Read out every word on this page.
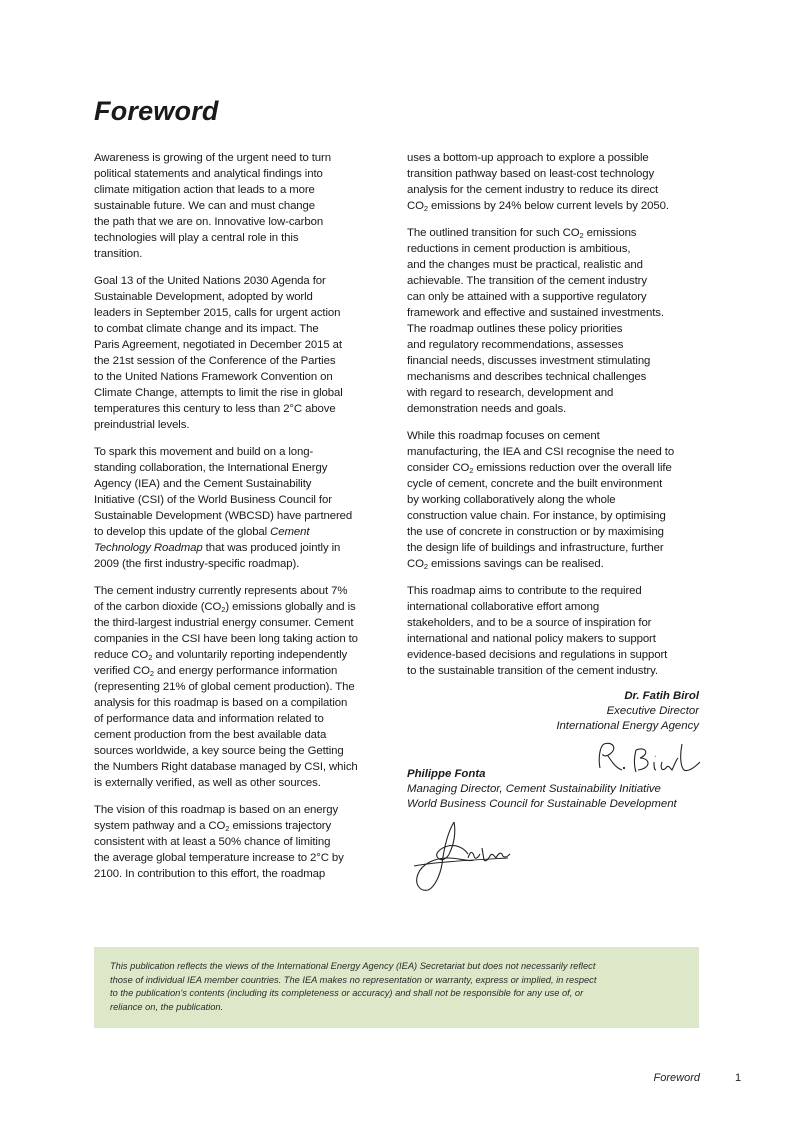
Foreword

Awareness is growing of the urgent need to turn
political statements and analytical findings into
climate mitigation action that leads to a more
sustainable future. We can and must change
the path that we are on. Innovative low-carbon
technologies will play a central role in this
transition.

Goal 13 of the United Nations 2030 Agenda for
Sustainable Development, adopted by world
leaders in September 2015, calls for urgent action
to combat climate change and its impact. The
Paris Agreement, negotiated in December 2015 at
the 21st session of the Conference of the Parties
to the United Nations Framework Convention on
Climate Change, attempts to limit the rise in global
temperatures this century to less than 2°C above
preindustrial levels.

To spark this movement and build on a long-
standing collaboration, the International Energy
Agency (IEA) and the Cement Sustainability
Initiative (CSI) of the World Business Council for
Sustainable Development (WBCSD) have partnered
to develop this update of the global Cement
Technology Roadmap that was produced jointly in
2009 (the first industry-specific roadmap).

The cement industry currently represents about 7%
of the carbon dioxide $(CO_2)$ emissions globally and is
the third-largest industrial energy consumer. Cement
companies in the CSI have been long taking action to
reduce $CO_2$ and voluntarily reporting independently
verified $CO_2$ and energy performance information
(representing 21% of global cement production). The
analysis for this roadmap is based on a compilation
of performance data and information related to
cement production from the best available data
sources worldwide, a key source being the Getting
the Numbers Right database managed by CSI, which
is externally verified, as well as other sources.

The vision of this roadmap is based on an energy
system pathway and a $CO_2$ emissions trajectory
consistent with at least a 50% chance of limiting
the average global temperature increase to 2°C by
2100. In contribution to this effort, the roadmap

uses a bottom-up approach to explore a possible
transition pathway based on least-cost technology
analysis for the cement industry to reduce its direct
$CO_2$ emissions by 24% below current levels by 2050.

The outlined transition for such $CO_2$ emissions
reductions in cement production is ambitious,
and the changes must be practical, realistic and
achievable. The transition of the cement industry
can only be attained with a supportive regulatory
framework and effective and sustained investments.
The roadmap outlines these policy priorities
and regulatory recommendations, assesses
financial needs, discusses investment stimulating
mechanisms and describes technical challenges
with regard to research, development and
demonstration needs and goals.

While this roadmap focuses on cement
manufacturing, the IEA and CSI recognise the need to
consider $CO_2$ emissions reduction over the overall life
cycle of cement, concrete and the built environment
by working collaboratively along the whole
construction value chain. For instance, by optimising
the use of concrete in construction or by maximising
the design life of buildings and infrastructure, further
$CO_2$ emissions savings can be realised.

This roadmap aims to contribute to the required
international collaborative effort among
stakeholders, and to be a source of inspiration for
international and national policy makers to support
evidence-based decisions and regulations in support
to the sustainable transition of the cement industry.

Dr. Fatih Birol
Executive Director
International Energy Agency
Philippe Fonta
Managing Director, Cement Sustainability Initiative
World Business Council for Sustainable Development
This publication reflects the views of the International Energy Agency (IEA) Secretariat but does not necessarily reflect
those of individual IEA member countries. The IEA makes no representation or warranty, express or implied, in respect
to the publication’s contents (including its completeness or accuracy) and shall not be responsible for any use of, or
reliance on, the publication.
Foreword	1
